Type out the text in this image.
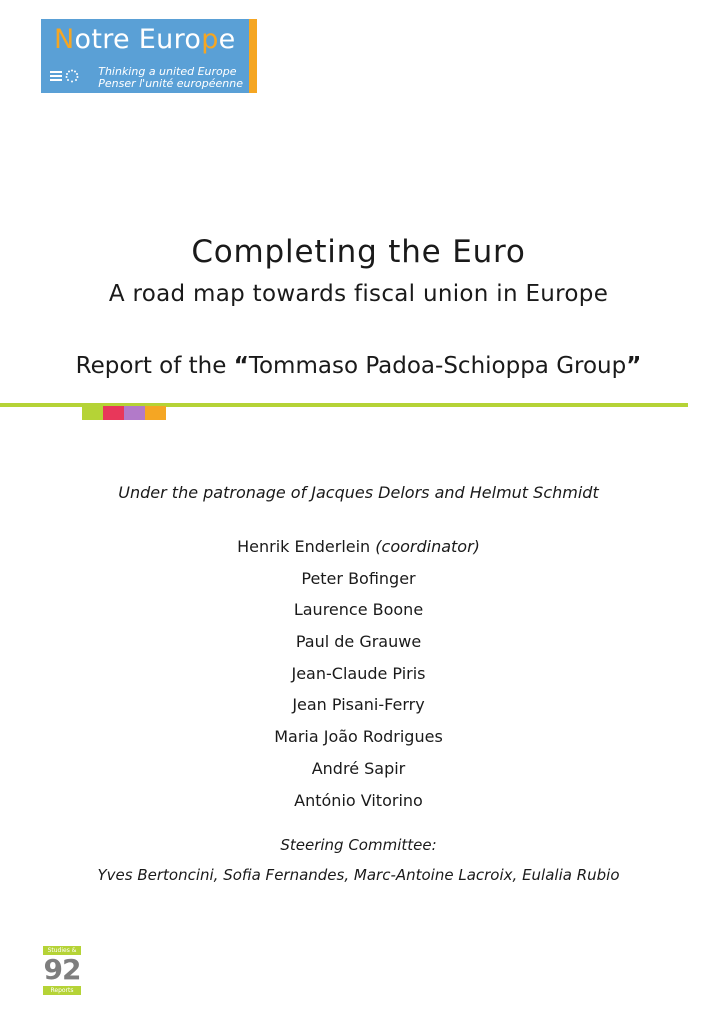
Notre Europe
Thinking a united Europe
Penser l'unité européenne
Completing the Euro
A road map towards fiscal union in Europe
Report of the “Tommaso Padoa-Schioppa Group”
Under the patronage of Jacques Delors and Helmut Schmidt
Henrik Enderlein (coordinator)
Peter Bofinger
Laurence Boone
Paul de Grauwe
Jean-Claude Piris
Jean Pisani-Ferry
Maria João Rodrigues
André Sapir
António Vitorino
Steering Committee:
Yves Bertoncini, Sofia Fernandes, Marc-Antoine Lacroix, Eulalia Rubio
Studies &
92
Reports
